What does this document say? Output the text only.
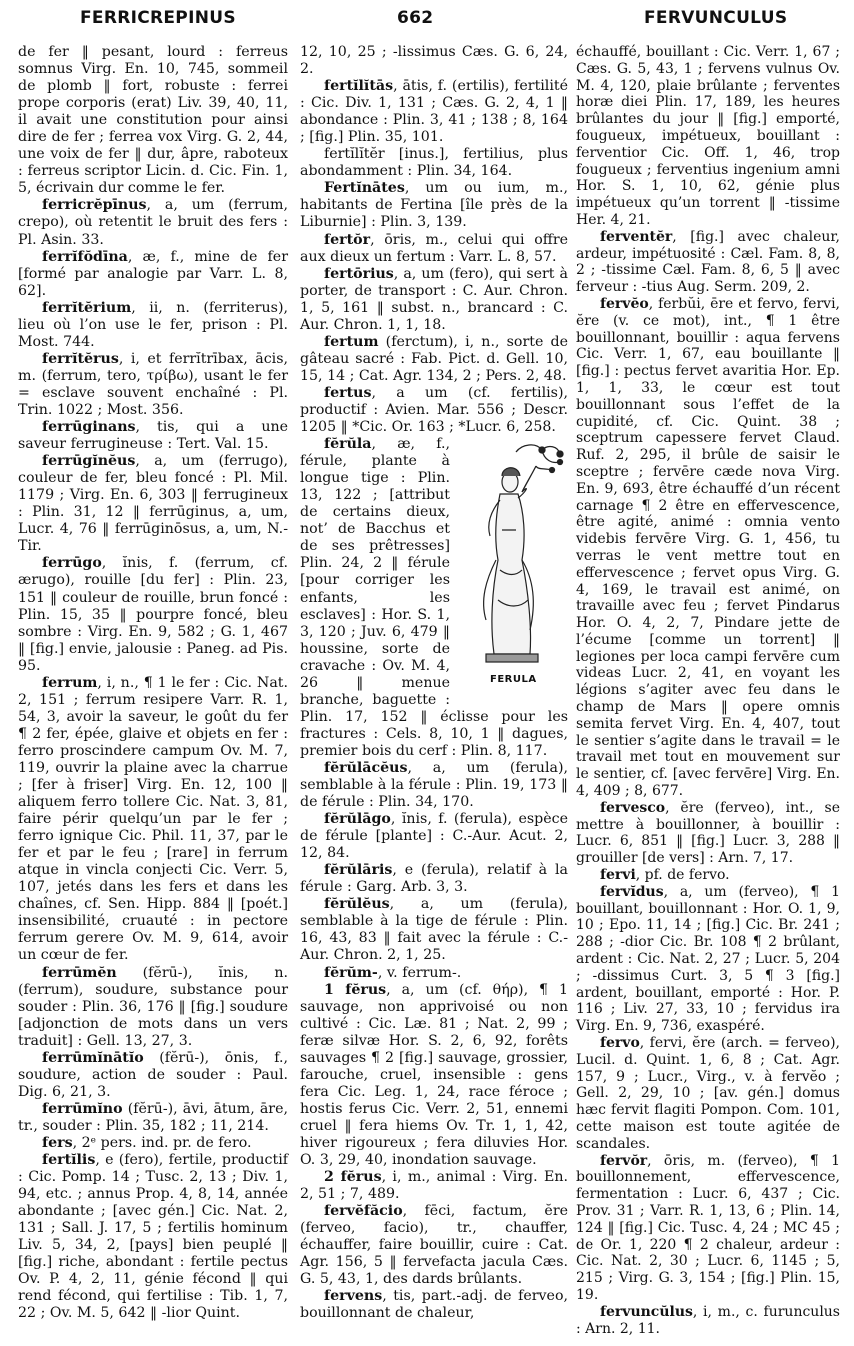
FERRICREPINUS	662	FERVUNCULUS

de fer ‖ pesant, lourd : ferreus somnus Virg. En. 10, 745, sommeil de plomb ‖ fort, robuste : ferrei prope corporis (erat) Liv. 39, 40, 11, il avait une constitution pour ainsi dire de fer ; ferrea vox Virg. G. 2, 44, une voix de fer ‖ dur, âpre, raboteux : ferreus scriptor Licin. d. Cic. Fin. 1, 5, écrivain dur comme le fer.

ferricrĕpīnus, a, um (ferrum, crepo), où retentit le bruit des fers : Pl. Asin. 33.

ferrĭfŏdīna, æ, f., mine de fer [formé par analogie par Varr. L. 8, 62].

ferrĭtĕrium, ii, n. (ferriterus), lieu où l’on use le fer, prison : Pl. Most. 744.

ferrĭtĕrus, i, et ferrĭtrībax, ācis, m. (ferrum, tero, τρίβω), usant le fer = esclave souvent enchaîné : Pl. Trin. 1022 ; Most. 356.

ferrūginans, tis, qui a une saveur ferrugineuse : Tert. Val. 15.

ferrūgĭnĕus, a, um (ferrugo), couleur de fer, bleu foncé : Pl. Mil. 1179 ; Virg. En. 6, 303 ‖ ferrugineux : Plin. 31, 12 ‖ ferrūginus, a, um, Lucr. 4, 76 ‖ ferrūginōsus, a, um, N.-Tir.

ferrūgo, ĭnis, f. (ferrum, cf. ærugo), rouille [du fer] : Plin. 23, 151 ‖ couleur de rouille, brun foncé : Plin. 15, 35 ‖ pourpre foncé, bleu sombre : Virg. En. 9, 582 ; G. 1, 467 ‖ [fig.] envie, jalousie : Paneg. ad Pis. 95.

ferrum, i, n., ¶ 1 le fer : Cic. Nat. 2, 151 ; ferrum resipere Varr. R. 1, 54, 3, avoir la saveur, le goût du fer ¶ 2 fer, épée, glaive et objets en fer : ferro proscindere campum Ov. M. 7, 119, ouvrir la plaine avec la charrue ; [fer à friser] Virg. En. 12, 100 ‖ aliquem ferro tollere Cic. Nat. 3, 81, faire périr quelqu’un par le fer ; ferro ignique Cic. Phil. 11, 37, par le fer et par le feu ; [rare] in ferrum atque in vincla conjecti Cic. Verr. 5, 107, jetés dans les fers et dans les chaînes, cf. Sen. Hipp. 884 ‖ [poét.] insensibilité, cruauté : in pectore ferrum gerere Ov. M. 9, 614, avoir un cœur de fer.

ferrūmĕn (fĕrū-), ĭnis, n. (ferrum), soudure, substance pour souder : Plin. 36, 176 ‖ [fig.] soudure [adjonction de mots dans un vers traduit] : Gell. 13, 27, 3.

ferrūmĭnātĭo (fĕrū-), ōnis, f., soudure, action de souder : Paul. Dig. 6, 21, 3.

ferrūmĭno (fĕrū-), āvi, ātum, āre, tr., souder : Plin. 35, 182 ; 11, 214.

fers, 2ᵉ pers. ind. pr. de fero.

fertĭlis, e (fero), fertile, productif : Cic. Pomp. 14 ; Tusc. 2, 13 ; Div. 1, 94, etc. ; annus Prop. 4, 8, 14, année abondante ; [avec gén.] Cic. Nat. 2, 131 ; Sall. J. 17, 5 ; fertilis hominum Liv. 5, 34, 2, [pays] bien peuplé ‖ [fig.] riche, abondant : fertile pectus Ov. P. 4, 2, 11, génie fécond ‖ qui rend fécond, qui fertilise : Tib. 1, 7, 22 ; Ov. M. 5, 642 ‖ -lior Quint.

12, 10, 25 ; -lissimus Cæs. G. 6, 24, 2.

fertĭlĭtās, ātis, f. (ertilis), fertilité : Cic. Div. 1, 131 ; Cæs. G. 2, 4, 1 ‖ abondance : Plin. 3, 41 ; 138 ; 8, 164 ; [fig.] Plin. 35, 101.

fertĭlĭtĕr [inus.], fertilius, plus abondamment : Plin. 34, 164.

Fertĭnātes, um ou ium, m., habitants de Fertina [île près de la Liburnie] : Plin. 3, 139.

fertŏr, ōris, m., celui qui offre aux dieux un fertum : Varr. L. 8, 57.

fertōrius, a, um (fero), qui sert à porter, de transport : C. Aur. Chron. 1, 5, 161 ‖ subst. n., brancard : C. Aur. Chron. 1, 1, 18.

fertum (ferctum), i, n., sorte de gâteau sacré : Fab. Pict. d. Gell. 10, 15, 14 ; Cat. Agr. 134, 2 ; Pers. 2, 48.

fertus, a um (cf. fertilis), productif : Avien. Mar. 556 ; Descr. 1205 ‖ *Cic. Or. 163 ; *Lucr. 6, 258.

FERULA

fĕrŭla, æ, f., férule, plante à longue tige : Plin. 13, 122 ; [attribut de certains dieux, not’ de Bacchus et de ses prêtresses] Plin. 24, 2 ‖ férule [pour corriger les enfants, les esclaves] : Hor. S. 1, 3, 120 ; Juv. 6, 479 ‖ houssine, sorte de cravache : Ov. M. 4, 26 ‖ menue branche, baguette : Plin. 17, 152 ‖ éclisse pour les fractures : Cels. 8, 10, 1 ‖ dagues, premier bois du cerf : Plin. 8, 117.

fĕrŭlācĕus, a, um (ferula), semblable à la férule : Plin. 19, 173 ‖ de férule : Plin. 34, 170.

fĕrŭlāgo, ĭnis, f. (ferula), espèce de férule [plante] : C.-Aur. Acut. 2, 12, 84.

fĕrŭlāris, e (ferula), relatif à la férule : Garg. Arb. 3, 3.

fĕrŭlĕus, a, um (ferula), semblable à la tige de férule : Plin. 16, 43, 83 ‖ fait avec la férule : C.-Aur. Chron. 2, 1, 25.

fĕrŭm-, v. ferrum-.

1 fĕrus, a, um (cf. θήρ), ¶ 1 sauvage, non apprivoisé ou non cultivé : Cic. Læ. 81 ; Nat. 2, 99 ; feræ silvæ Hor. S. 2, 6, 92, forêts sauvages ¶ 2 [fig.] sauvage, grossier, farouche, cruel, insensible : gens fera Cic. Leg. 1, 24, race féroce ; hostis ferus Cic. Verr. 2, 51, ennemi cruel ‖ fera hiems Ov. Tr. 1, 1, 42, hiver rigoureux ; fera diluvies Hor. O. 3, 29, 40, inondation sauvage.

2 fĕrus, i, m., animal : Virg. En. 2, 51 ; 7, 489.

fervĕfăcio, fēci, factum, ĕre (ferveo, facio), tr., chauffer, échauffer, faire bouillir, cuire : Cat. Agr. 156, 5 ‖ fervefacta jacula Cæs. G. 5, 43, 1, des dards brûlants.

fervens, tis, part.-adj. de ferveo, bouillonnant de chaleur,

échauffé, bouillant : Cic. Verr. 1, 67 ; Cæs. G. 5, 43, 1 ; fervens vulnus Ov. M. 4, 120, plaie brûlante ; ferventes horæ diei Plin. 17, 189, les heures brûlantes du jour ‖ [fig.] emporté, fougueux, impétueux, bouillant : ferventior Cic. Off. 1, 46, trop fougueux ; ferventius ingenium amni Hor. S. 1, 10, 62, génie plus impétueux qu’un torrent ‖ -tissime Her. 4, 21.

ferventĕr, [fig.] avec chaleur, ardeur, impétuosité : Cæl. Fam. 8, 8, 2 ; -tissime Cæl. Fam. 8, 6, 5 ‖ avec ferveur : -tius Aug. Serm. 209, 2.

fervĕo, ferbŭi, ēre et fervo, fervi, ĕre (v. ce mot), int., ¶ 1 être bouillonnant, bouillir : aqua fervens Cic. Verr. 1, 67, eau bouillante ‖ [fig.] : pectus fervet avaritia Hor. Ep. 1, 1, 33, le cœur est tout bouillonnant sous l’effet de la cupidité, cf. Cic. Quint. 38 ; sceptrum capessere fervet Claud. Ruf. 2, 295, il brûle de saisir le sceptre ; fervēre cæde nova Virg. En. 9, 693, être échauffé d’un récent carnage ¶ 2 être en effervescence, être agité, animé : omnia vento videbis fervēre Virg. G. 1, 456, tu verras le vent mettre tout en effervescence ; fervet opus Virg. G. 4, 169, le travail est animé, on travaille avec feu ; fervet Pindarus Hor. O. 4, 2, 7, Pindare jette de l’écume [comme un torrent] ‖ legiones per loca campi fervēre cum videas Lucr. 2, 41, en voyant les légions s’agiter avec feu dans le champ de Mars ‖ opere omnis semita fervet Virg. En. 4, 407, tout le sentier s’agite dans le travail = le travail met tout en mouvement sur le sentier, cf. [avec fervēre] Virg. En. 4, 409 ; 8, 677.

fervesco, ĕre (ferveo), int., se mettre à bouillonner, à bouillir : Lucr. 6, 851 ‖ [fig.] Lucr. 3, 288 ‖ grouiller [de vers] : Arn. 7, 17.

fervi, pf. de fervo.

fervĭdus, a, um (ferveo), ¶ 1 bouillant, bouillonnant : Hor. O. 1, 9, 10 ; Epo. 11, 14 ; [fig.] Cic. Br. 241 ; 288 ; -dior Cic. Br. 108 ¶ 2 brûlant, ardent : Cic. Nat. 2, 27 ; Lucr. 5, 204 ; -dissimus Curt. 3, 5 ¶ 3 [fig.] ardent, bouillant, emporté : Hor. P. 116 ; Liv. 27, 33, 10 ; fervidus ira Virg. En. 9, 736, exaspéré.

fervo, fervi, ĕre (arch. = ferveo), Lucil. d. Quint. 1, 6, 8 ; Cat. Agr. 157, 9 ; Lucr., Virg., v. à fervĕo ; Gell. 2, 29, 10 ; [av. gén.] domus hæc fervit flagiti Pompon. Com. 101, cette maison est toute agitée de scandales.

fervŏr, ōris, m. (ferveo), ¶ 1 bouillonnement, effervescence, fermentation : Lucr. 6, 437 ; Cic. Prov. 31 ; Varr. R. 1, 13, 6 ; Plin. 14, 124 ‖ [fig.] Cic. Tusc. 4, 24 ; MC 45 ; de Or. 1, 220 ¶ 2 chaleur, ardeur : Cic. Nat. 2, 30 ; Lucr. 6, 1145 ; 5, 215 ; Virg. G. 3, 154 ; [fig.] Plin. 15, 19.

fervuncŭlus, i, m., c. furunculus : Arn. 2, 11.
